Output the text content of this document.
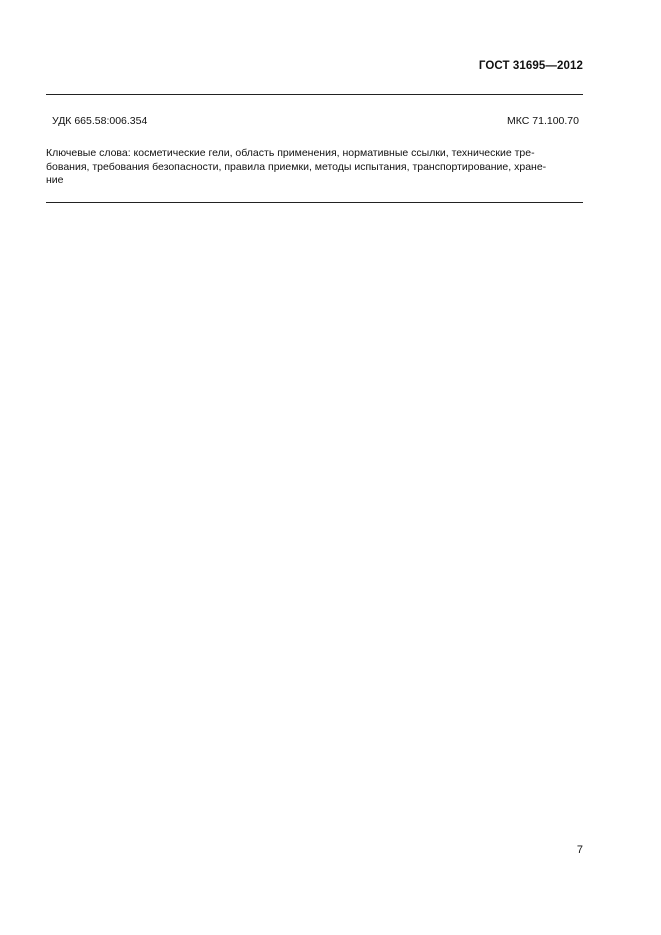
ГОСТ 31695—2012
УДК 665.58:006.354	МКС 71.100.70
Ключевые слова: косметические гели, область применения, нормативные ссылки, технические тре-
бования, требования безопасности, правила приемки, методы испытания, транспортирование, хране-
ние
7
